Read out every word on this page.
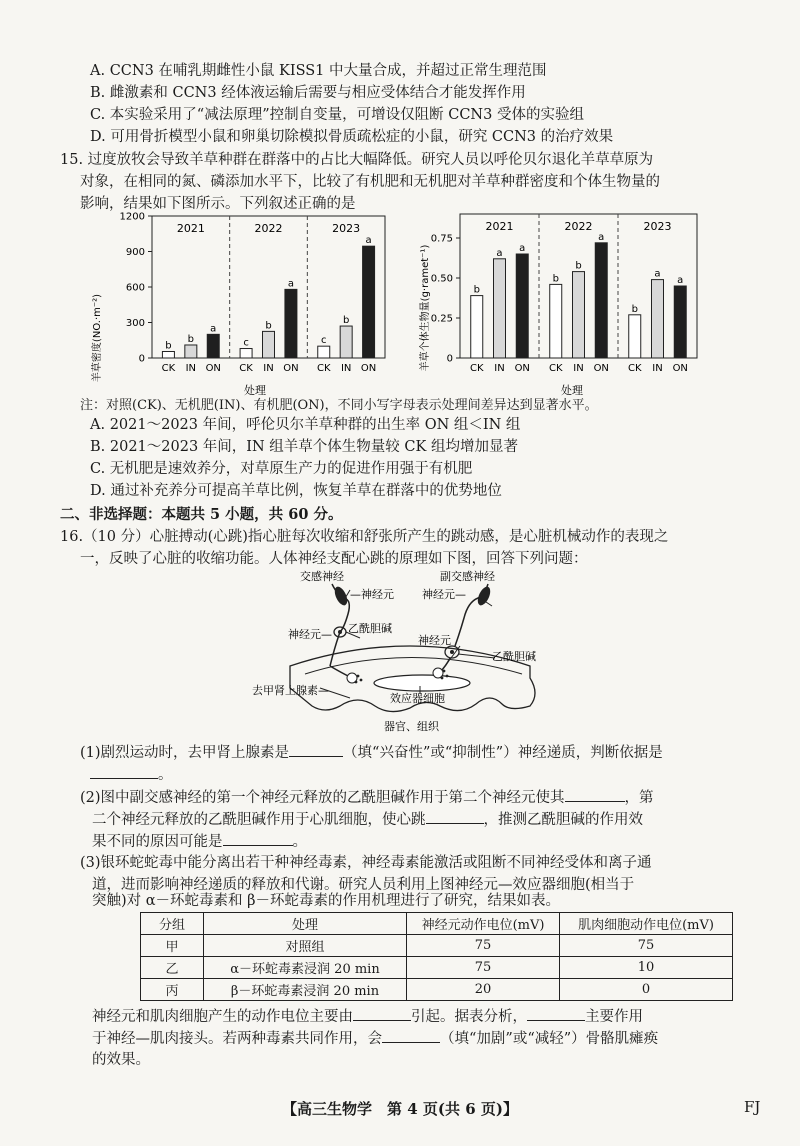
A. CCN3 在哺乳期雌性小鼠 KISS1 中大量合成，并超过正常生理范围
B. 雌激素和 CCN3 经体液运输后需要与相应受体结合才能发挥作用
C. 本实验采用了“减法原理”控制自变量，可增设仅阻断 CCN3 受体的实验组
D. 可用骨折模型小鼠和卵巢切除模拟骨质疏松症的小鼠，研究 CCN3 的治疗效果
15. 过度放牧会导致羊草种群在群落中的占比大幅降低。研究人员以呼伦贝尔退化羊草草原为
对象，在相同的氮、磷添加水平下，比较了有机肥和无机肥对羊草种群密度和个体生物量的
影响，结果如下图所示。下列叙述正确的是
羊草密度(NO.·m⁻²)	0
300
600
900
1200
2021
b
CK
b
IN
a
ON
2022
c
CK
b
IN
a
ON
2023
c
CK
b
IN
a
ON
处理
羊草个体生物量(g·ramet⁻¹) 0
0.25
0.50
0.75
2021
b
CK
a
IN
a
ON
2022
b
CK
b
IN
a
ON
2023
b
CK
a
IN
a
ON
处理
注：对照(CK)、无机肥(IN)、有机肥(ON)，不同小写字母表示处理间差异达到显著水平。
A. 2021～2023 年间，呼伦贝尔羊草种群的出生率 ON 组＜IN 组
B. 2021～2023 年间，IN 组羊草个体生物量较 CK 组均增加显著
C. 无机肥是速效养分，对草原生产力的促进作用强于有机肥
D. 通过补充养分可提高羊草比例，恢复羊草在群落中的优势地位
二、非选择题：本题共 5 小题，共 60 分。
16.（10 分）心脏搏动(心跳)指心脏每次收缩和舒张所产生的跳动感，是心脏机械动作的表现之
一，反映了心脏的收缩功能。人体神经支配心跳的原理如下图，回答下列问题：
交感神经	副交感神经
—神经元	神经元—
神经元—	神经元
乙酰胆碱
乙酰胆碱
去甲肾上腺素—
效应器细胞
器官、组织
(1)剧烈运动时，去甲肾上腺素是	（填“兴奋性”或“抑制性”）神经递质，判断依据是
。
(2)图中副交感神经的第一个神经元释放的乙酰胆碱作用于第二个神经元使其	，第
二个神经元释放的乙酰胆碱作用于心肌细胞，使心跳	，推测乙酰胆碱的作用效
果不同的原因可能是	。
(3)银环蛇蛇毒中能分离出若干种神经毒素，神经毒素能激活或阻断不同神经受体和离子通
道，进而影响神经递质的释放和代谢。研究人员利用上图神经元—效应器细胞(相当于
突触)对 α－环蛇毒素和 β－环蛇毒素的作用机理进行了研究，结果如表。
分组	处理	神经元动作电位(mV)	肌肉细胞动作电位(mV)
甲	对照组	75	75
乙	α－环蛇毒素浸润 20 min	75	10
丙	β－环蛇毒素浸润 20 min	20	0
神经元和肌肉细胞产生的动作电位主要由	引起。据表分析，	主要作用
于神经—肌肉接头。若两种毒素共同作用，会	（填“加剧”或“减轻”）骨骼肌瘫痪
的效果。
【高三生物学　第 4 页(共 6 页)】	FJ
